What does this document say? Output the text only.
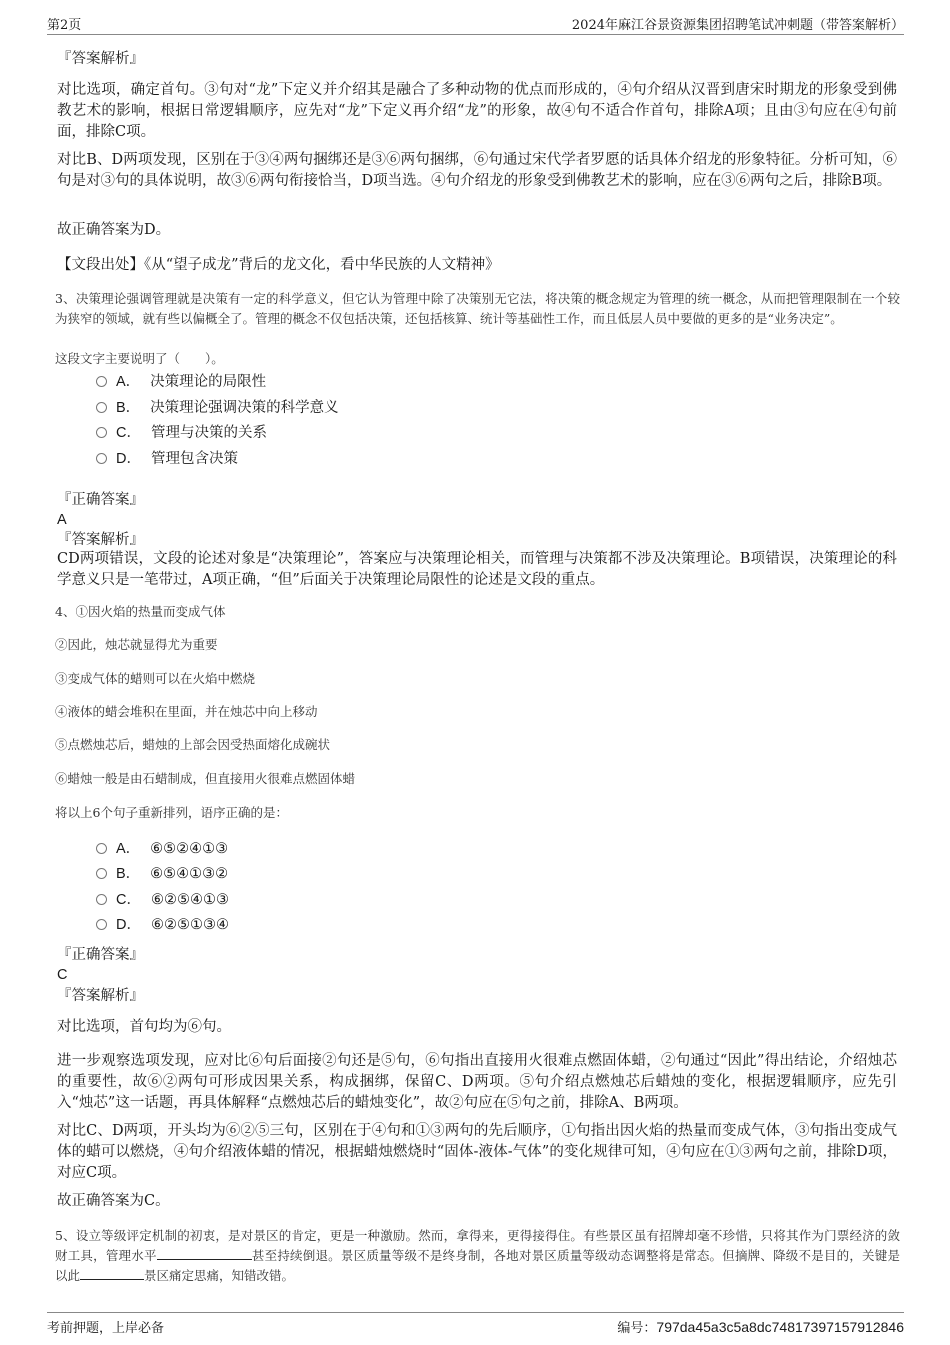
第2页	2024年麻江谷景资源集团招聘笔试冲刺题（带答案解析）
『答案解析』
对比选项，确定首句。③句对“龙”下定义并介绍其是融合了多种动物的优点而形成的，④句介绍从汉晋到唐宋时期龙的形象受到佛教艺术的影响，根据日常逻辑顺序，应先对“龙”下定义再介绍“龙”的形象，故④句不适合作首句，排除A项；且由③句应在④句前面，排除C项。
对比B、D两项发现，区别在于③④两句捆绑还是③⑥两句捆绑，⑥句通过宋代学者罗愿的话具体介绍龙的形象特征。分析可知，⑥句是对③句的具体说明，故③⑥两句衔接恰当，D项当选。④句介绍龙的形象受到佛教艺术的影响，应在③⑥两句之后，排除B项。
故正确答案为D。
【文段出处】《从“望子成龙”背后的龙文化，看中华民族的人文精神》
3、决策理论强调管理就是决策有一定的科学意义，但它认为管理中除了决策别无它法，将决策的概念规定为管理的统一概念，从而把管理限制在一个较为狭窄的领域，就有些以偏概全了。管理的概念不仅包括决策，还包括核算、统计等基础性工作，而且低层人员中要做的更多的是“业务决定”。
这段文字主要说明了（　　）。
A． 决策理论的局限性
B． 决策理论强调决策的科学意义
C． 管理与决策的关系
D． 管理包含决策
『正确答案』
A
『答案解析』
CD两项错误，文段的论述对象是“决策理论”，答案应与决策理论相关，而管理与决策都不涉及决策理论。B项错误，决策理论的科学意义只是一笔带过，A项正确，“但”后面关于决策理论局限性的论述是文段的重点。
4、①因火焰的热量而变成气体
②因此，烛芯就显得尤为重要
③变成气体的蜡则可以在火焰中燃烧
④液体的蜡会堆积在里面，并在烛芯中向上移动
⑤点燃烛芯后，蜡烛的上部会因受热面熔化成碗状
⑥蜡烛一般是由石蜡制成，但直接用火很难点燃固体蜡
将以上6个句子重新排列，语序正确的是：
A． ⑥⑤②④①③
B． ⑥⑤④①③②
C． ⑥②⑤④①③
D． ⑥②⑤①③④
『正确答案』
C
『答案解析』
对比选项，首句均为⑥句。
进一步观察选项发现，应对比⑥句后面接②句还是⑤句，⑥句指出直接用火很难点燃固体蜡，②句通过“因此”得出结论，介绍烛芯的重要性，故⑥②两句可形成因果关系，构成捆绑，保留C、D两项。⑤句介绍点燃烛芯后蜡烛的变化，根据逻辑顺序，应先引入“烛芯”这一话题，再具体解释“点燃烛芯后的蜡烛变化”，故②句应在⑤句之前，排除A、B两项。
对比C、D两项，开头均为⑥②⑤三句，区别在于④句和①③两句的先后顺序，①句指出因火焰的热量而变成气体，③句指出变成气体的蜡可以燃烧，④句介绍液体蜡的情况，根据蜡烛燃烧时“固体-液体-气体”的变化规律可知，④句应在①③两句之前，排除D项，对应C项。
故正确答案为C。
5、设立等级评定机制的初衷，是对景区的肯定，更是一种激励。然而，拿得来，更得接得住。有些景区虽有招牌却毫不珍惜，只将其作为门票经济的敛财工具，管理水平	甚至持续倒退。景区质量等级不是终身制，各地对景区质量等级动态调整将是常态。但摘牌、降级不是目的，关键是以此	景区痛定思痛，知错改错。
考前押题，上岸必备	编号：797da45a3c5a8dc74817397157912846
